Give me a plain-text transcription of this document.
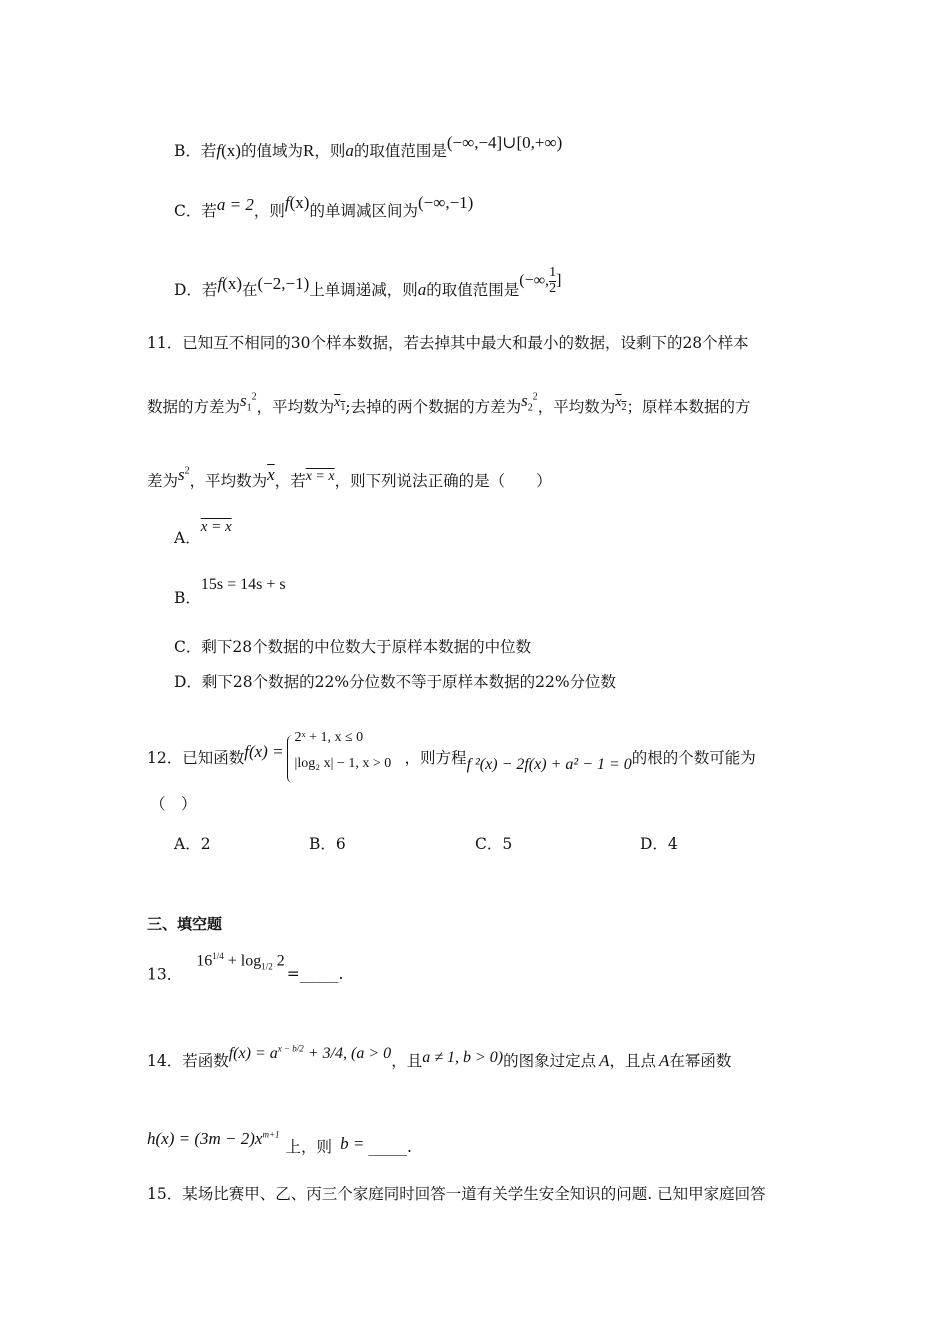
B．若f(x)的值域为R，则a的取值范围是(−∞,−4]∪[0,+∞)
C．若a = 2，则f(x)的单调减区间为(−∞,−1)
D．若f(x)在(−2,−1)上单调递减，则a的取值范围是(−∞, $\frac{1}{2}$ ]
11．已知互不相同的30个样本数据，若去掉其中最大和最小的数据，设剩下的28个样本
数据的方差为$s_1^2$，平均数为$x_1$;去掉的两个数据的方差为$s_2^2$，平均数为$x_2$；原样本数据的方
差为$s^2$，平均数为$\overline{x}$，若x = x，则下列说法正确的是（　　）
A．x = x
B．15s = 14s + s
C．剩下28个数据的中位数大于原样本数据的中位数
D．剩下28个数据的22%分位数不等于原样本数据的22%分位数
12．已知函数f(x) =
2ˣ + 1, x ≤ 0
|log₂ x| − 1, x > 0 ，则方程f ²(x) − 2f(x) + a² − 1 = 0的根的个数可能为
（　）
A．2	B．6	C．5	D．4
三、填空题
13．$16^{1/4} + \log_{1/2}$ 2=_____.
14．若函数$f(x) = a^{x - b/2} + 3/4$, (a > 0，且a ≠ 1, b > 0)的图象过定点 A，且点 A在幂函数
$h(x) = (3m - 2)x^{m+1}$上，则 b = _____.
15．某场比赛甲、乙、丙三个家庭同时回答一道有关学生安全知识的问题. 已知甲家庭回答
